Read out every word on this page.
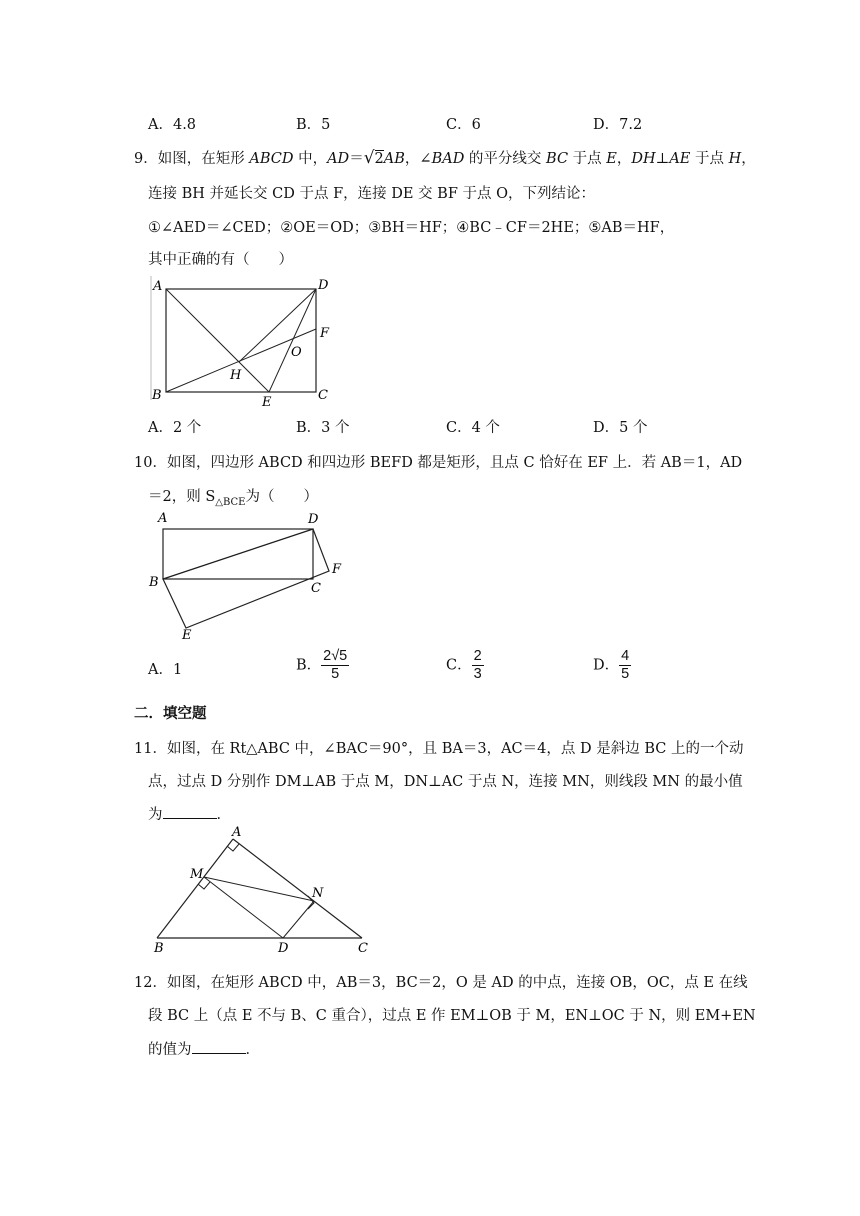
A．4.8	B．5	C．6	D．7.2
9．如图，在矩形 ABCD 中，AD＝√2AB，∠BAD 的平分线交 BC 于点 E，DH⊥AE 于点 H，
连接 BH 并延长交 CD 于点 F，连接 DE 交 BF 于点 O，下列结论：
①∠AED＝∠CED；②OE＝OD；③BH＝HF；④BC﹣CF＝2HE；⑤AB＝HF，
其中正确的有（　　）
A	D
F
O
H
B	C
E
A．2 个	B．3 个	C．4 个	D．5 个
10．如图，四边形 ABCD 和四边形 BEFD 都是矩形，且点 C 恰好在 EF 上．若 AB＝1，AD
＝2，则 $S_{\triangle BCE}$为（　　）
A	D
F
B	C
E
A．1	B． $\frac{2√5}{5}$	C． $\frac{2}{3}$	D． $\frac{4}{5}$
二．填空题
11．如图，在 Rt△ABC 中，∠BAC＝90°，且 BA＝3，AC＝4，点 D 是斜边 BC 上的一个动
点，过点 D 分别作 DM⊥AB 于点 M，DN⊥AC 于点 N，连接 MN，则线段 MN 的最小值
为	．
A
M
N
B	D	C
12．如图，在矩形 ABCD 中，AB＝3，BC＝2，O 是 AD 的中点，连接 OB，OC，点 E 在线
段 BC 上（点 E 不与 B、C 重合），过点 E 作 EM⊥OB 于 M，EN⊥OC 于 N，则 EM+EN
的值为	．
